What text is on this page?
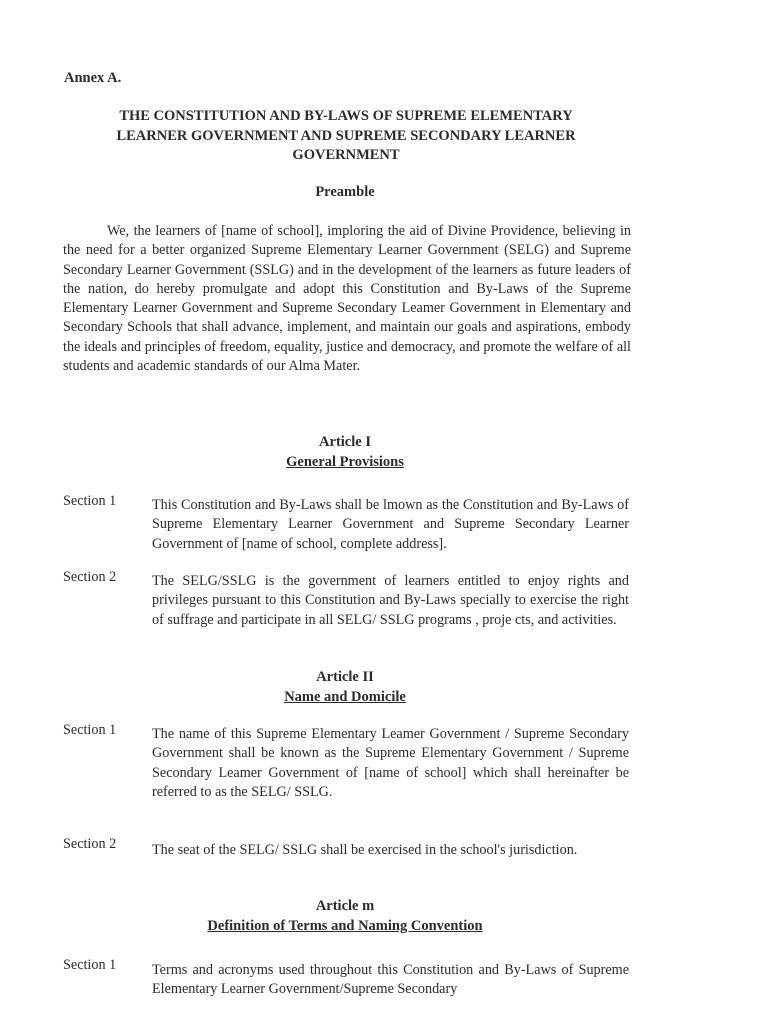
Annex A.
THE CONSTITUTION AND BY-LAWS OF SUPREME ELEMENTARY LEARNER GOVERNMENT AND SUPREME SECONDARY LEARNER GOVERNMENT
Preamble

We, the learners of [name of school], imploring the aid of Divine Providence, believing in the need for a better organized Supreme Elementary Learner Government (SELG) and Supreme Secondary Learner Government (SSLG) and in the development of the learners as future leaders of the nation, do hereby promulgate and adopt this Constitution and By-Laws of the Supreme Elementary Learner Government and Supreme Secondary Leamer Government in Elementary and Secondary Schools that shall advance, implement, and maintain our goals and aspirations, embody the ideals and principles of freedom, equality, justice and democracy, and promote the welfare of all students and academic standards of our Alma Mater.

Article I
General Provisions
Section 1	This Constitution and By-Laws shall be lmown as the Constitution and By-Laws of Supreme Elementary Learner Government and Supreme Secondary Learner Government of [name of school, complete address].

Section 2	The SELG/SSLG is the government of learners entitled to enjoy rights and privileges pursuant to this Constitution and By-Laws specially to exercise the right of suffrage and participate in all SELG/ SSLG programs , proje cts, and activities.

Article II
Name and Domicile
Section 1	The name of this Supreme Elementary Leamer Government / Supreme Secondary Government shall be known as the Supreme Elementary Government / Supreme Secondary Leamer Government of [name of school] which shall hereinafter be referred to as the SELG/ SSLG.

Section 2	The seat of the SELG/ SSLG shall be exercised in the school's jurisdiction.

Article m
Definition of Terms and Naming Convention
Section 1	Terms and acronyms used throughout this Constitution and By-Laws of Supreme Elementary Learner Government/Supreme Secondary
